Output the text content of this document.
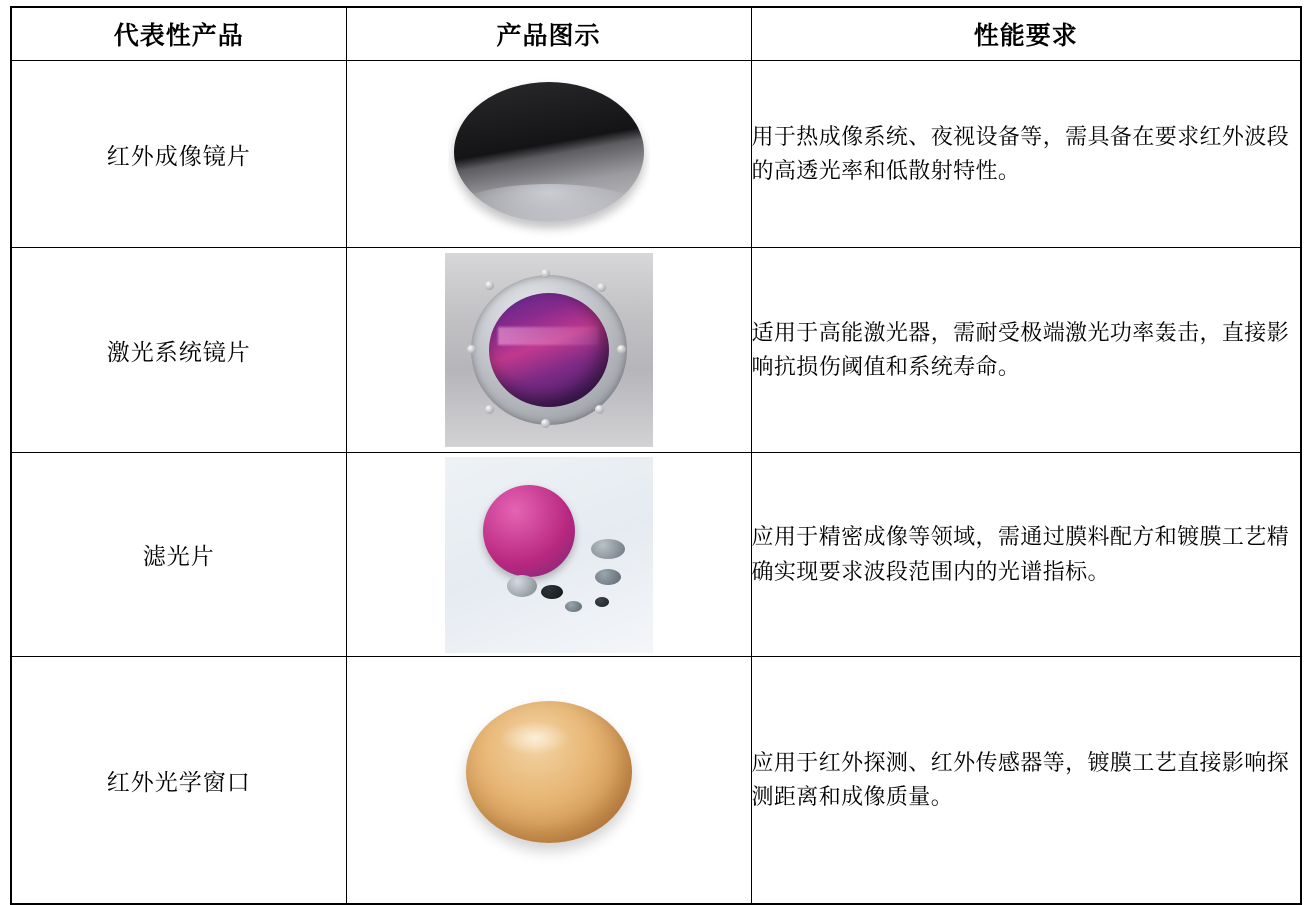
代表性产品	产品图示	性能要求
红外成像镜片		用于热成像系统、夜视设备等，需具备在要求红外波段的高透光率和低散射特性。

激光系统镜片		适用于高能激光器，需耐受极端激光功率轰击，直接影响抗损伤阈值和系统寿命。

滤光片		应用于精密成像等领域，需通过膜料配方和镀膜工艺精确实现要求波段范围内的光谱指标。

红外光学窗口		应用于红外探测、红外传感器等，镀膜工艺直接影响探测距离和成像质量。
